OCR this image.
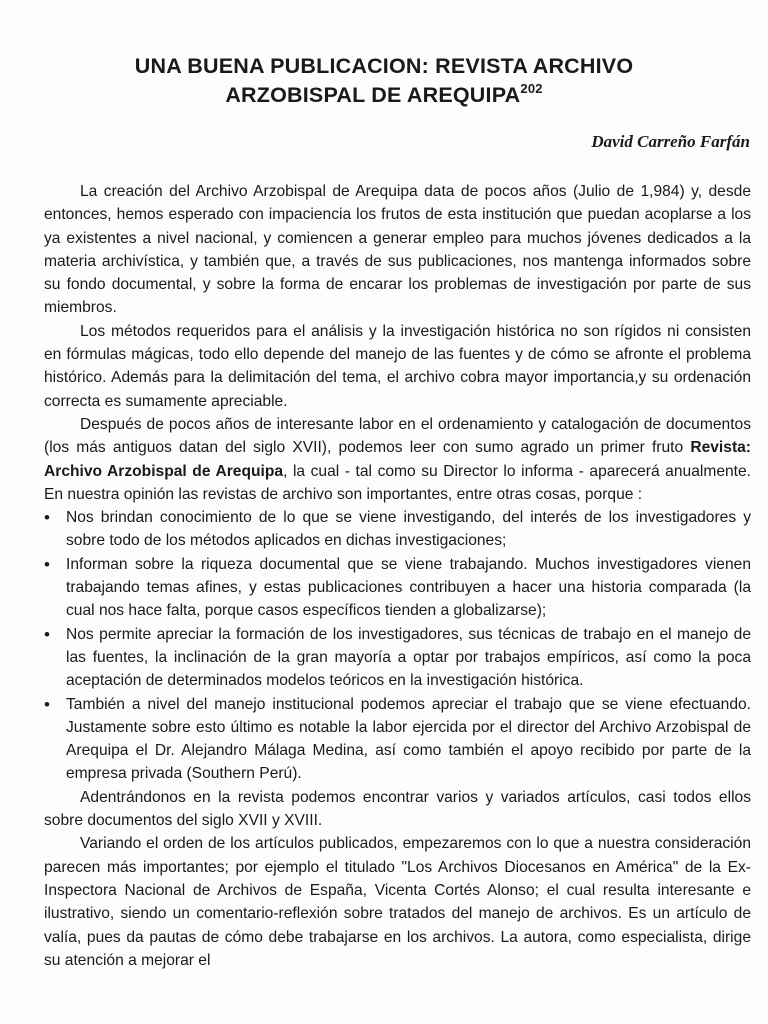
UNA BUENA PUBLICACION: REVISTA ARCHIVO
ARZOBISPAL DE AREQUIPA$^{202}$

David Carreño Farfán

La creación del Archivo Arzobispal de Arequipa data de pocos años (Julio de 1,984) y, desde entonces, hemos esperado con impaciencia los frutos de esta institución que puedan acoplarse a los ya existentes a nivel nacional, y comiencen a generar empleo para muchos jóvenes dedicados a la materia archivística, y también que, a través de sus publicaciones, nos mantenga informados sobre su fondo documental, y sobre la forma de encarar los problemas de investigación por parte de sus miembros.

Los métodos requeridos para el análisis y la investigación histórica no son rígidos ni consisten en fórmulas mágicas, todo ello depende del manejo de las fuentes y de cómo se afronte el problema histórico. Además para la delimitación del tema, el archivo cobra mayor importancia,y su ordenación correcta es sumamente apreciable.

Después de pocos años de interesante labor en el ordenamiento y catalogación de documentos (los más antiguos datan del siglo XVII), podemos leer con sumo agrado un primer fruto Revista: Archivo Arzobispal de Arequipa, la cual - tal como su Director lo informa - aparecerá anualmente. En nuestra opinión las revistas de archivo son importantes, entre otras cosas, porque :

• Nos brindan conocimiento de lo que se viene investigando, del interés de los investigadores y sobre todo de los métodos aplicados en dichas investigaciones;
• Informan sobre la riqueza documental que se viene trabajando. Muchos investigadores vienen trabajando temas afines, y estas publicaciones contribuyen a hacer una historia comparada (la cual nos hace falta, porque casos específicos tienden a globalizarse);
• Nos permite apreciar la formación de los investigadores, sus técnicas de trabajo en el manejo de las fuentes, la inclinación de la gran mayoría a optar por trabajos empíricos, así como la poca aceptación de determinados modelos teóricos en la investigación histórica.
• También a nivel del manejo institucional podemos apreciar el trabajo que se viene efectuando. Justamente sobre esto último es notable la labor ejercida por el director del Archivo Arzobispal de Arequipa el Dr. Alejandro Málaga Medina, así como también el apoyo recibido por parte de la empresa privada (Southern Perú).

Adentrándonos en la revista podemos encontrar varios y variados artículos, casi todos ellos sobre documentos del siglo XVII y XVIII.

Variando el orden de los artículos publicados, empezaremos con lo que a nuestra consideración parecen más importantes; por ejemplo el titulado "Los Archivos Diocesanos en América" de la Ex-Inspectora Nacional de Archivos de España, Vicenta Cortés Alonso; el cual resulta interesante e ilustrativo, siendo un comentario-reflexión sobre tratados del manejo de archivos. Es un artículo de valía, pues da pautas de cómo debe trabajarse en los archivos. La autora, como especialista, dirige su atención a mejorar el
